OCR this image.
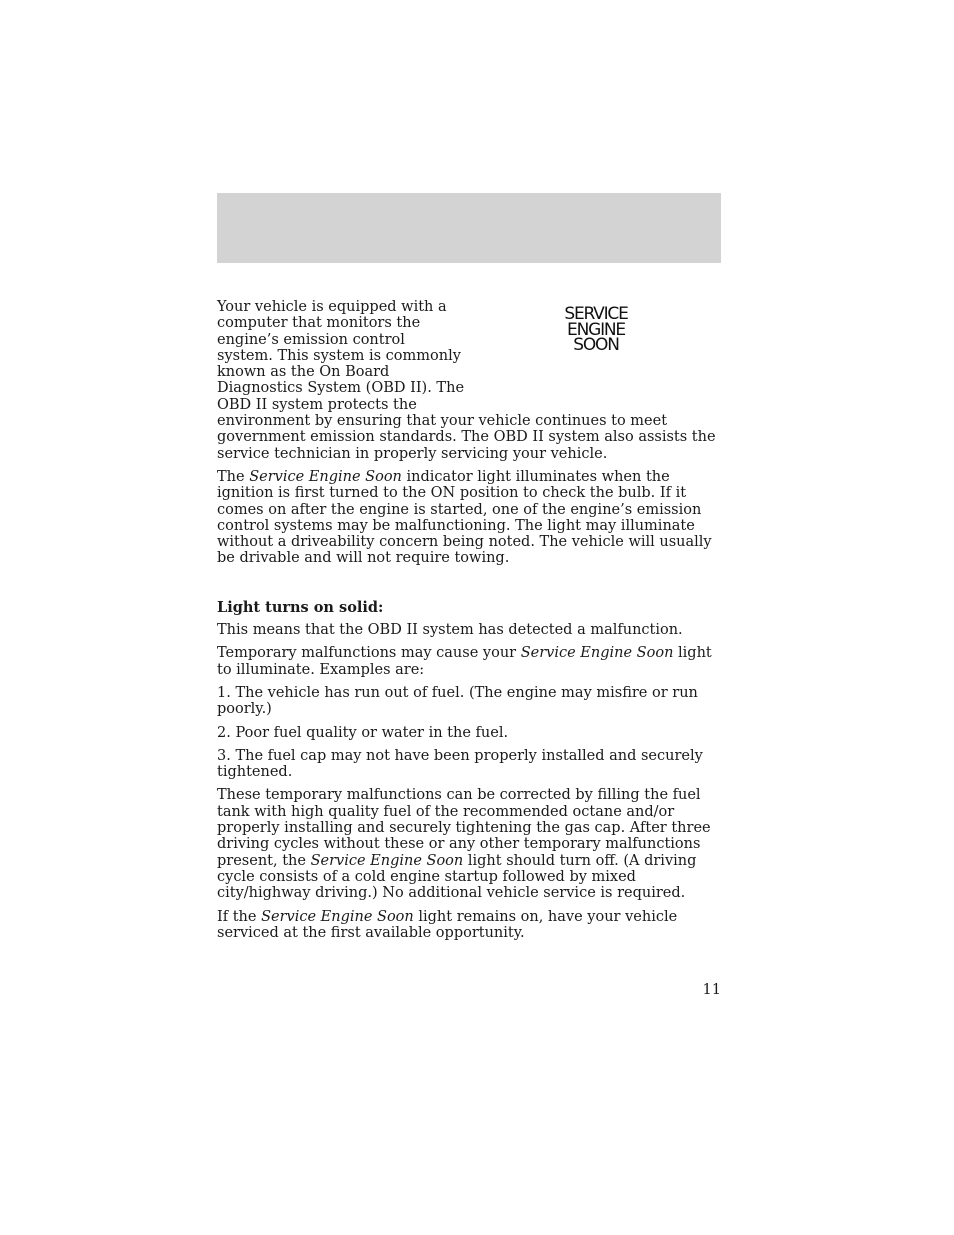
SERVICE
ENGINE
SOON

Your vehicle is equipped with a computer that monitors the engine’s emission control system. This system is commonly known as the On Board Diagnostics System (OBD II). The OBD II system protects the environment by ensuring that your vehicle continues to meet government emission standards. The OBD II system also assists the service technician in properly servicing your vehicle.

The Service Engine Soon indicator light illuminates when the ignition is first turned to the ON position to check the bulb. If it comes on after the engine is started, one of the engine’s emission control systems may be malfunctioning. The light may illuminate without a driveability concern being noted. The vehicle will usually be drivable and will not require towing.

Light turns on solid:

This means that the OBD II system has detected a malfunction.

Temporary malfunctions may cause your Service Engine Soon light to illuminate. Examples are:

1. The vehicle has run out of fuel. (The engine may misfire or run poorly.)

2. Poor fuel quality or water in the fuel.

3. The fuel cap may not have been properly installed and securely tightened.

These temporary malfunctions can be corrected by filling the fuel tank with high quality fuel of the recommended octane and/or properly installing and securely tightening the gas cap. After three driving cycles without these or any other temporary malfunctions present, the Service Engine Soon light should turn off. (A driving cycle consists of a cold engine startup followed by mixed city/highway driving.) No additional vehicle service is required.

If the Service Engine Soon light remains on, have your vehicle serviced at the first available opportunity.

11
